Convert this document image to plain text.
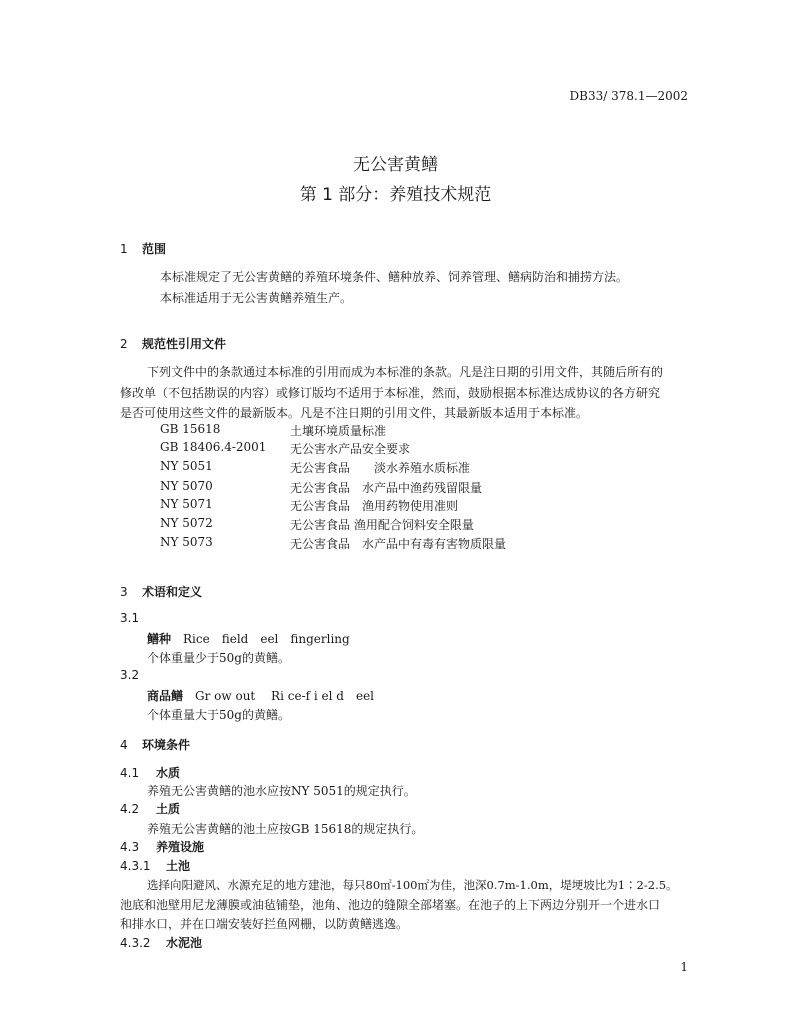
DB33/ 378.1—2002
无公害黄鳝
第 1 部分：养殖技术规范
1 范围
本标准规定了无公害黄鳝的养殖环境条件、鳝种放养、饲养管理、鳝病防治和捕捞方法。
本标准适用于无公害黄鳝养殖生产。
2 规范性引用文件
下列文件中的条款通过本标准的引用而成为本标准的条款。凡是注日期的引用文件，其随后所有的
修改单（不包括勘误的内容）或修订版均不适用于本标准，然而，鼓励根据本标准达成协议的各方研究
是否可使用这些文件的最新版本。凡是不注日期的引用文件，其最新版本适用于本标准。
GB 15618	土壤环境质量标准
GB 18406.4-2001 无公害水产品安全要求
NY 5051	无公害食品　　淡水养殖水质标准
NY 5070	无公害食品　水产品中渔药残留限量
NY 5071	无公害食品　渔用药物使用准则
NY 5072	无公害食品 渔用配合饲料安全限量
NY 5073	无公害食品　水产品中有毒有害物质限量
3 术语和定义
3.1
鳝种 Rice　field　eel　fingerling
个体重量少于50g的黄鳝。
3.2
商品鳝 Gr ow out　 Ri ce-f i el d　eel
个体重量大于50g的黄鳝。
4 环境条件
4.1 水质
养殖无公害黄鳝的池水应按NY 5051的规定执行。
4.2 土质
养殖无公害黄鳝的池土应按GB 15618的规定执行。
4.3 养殖设施
4.3.1 土池
选择向阳避风、水源充足的地方建池，每只80㎡-100㎡为佳，池深0.7m-1.0m，堤埂坡比为1∶2-2.5。
池底和池壁用尼龙薄膜或油毡铺垫，池角、池边的缝隙全部堵塞。在池子的上下两边分别开一个进水口
和排水口，并在口端安装好拦鱼网栅，以防黄鳝逃逸。
4.3.2 水泥池
1
